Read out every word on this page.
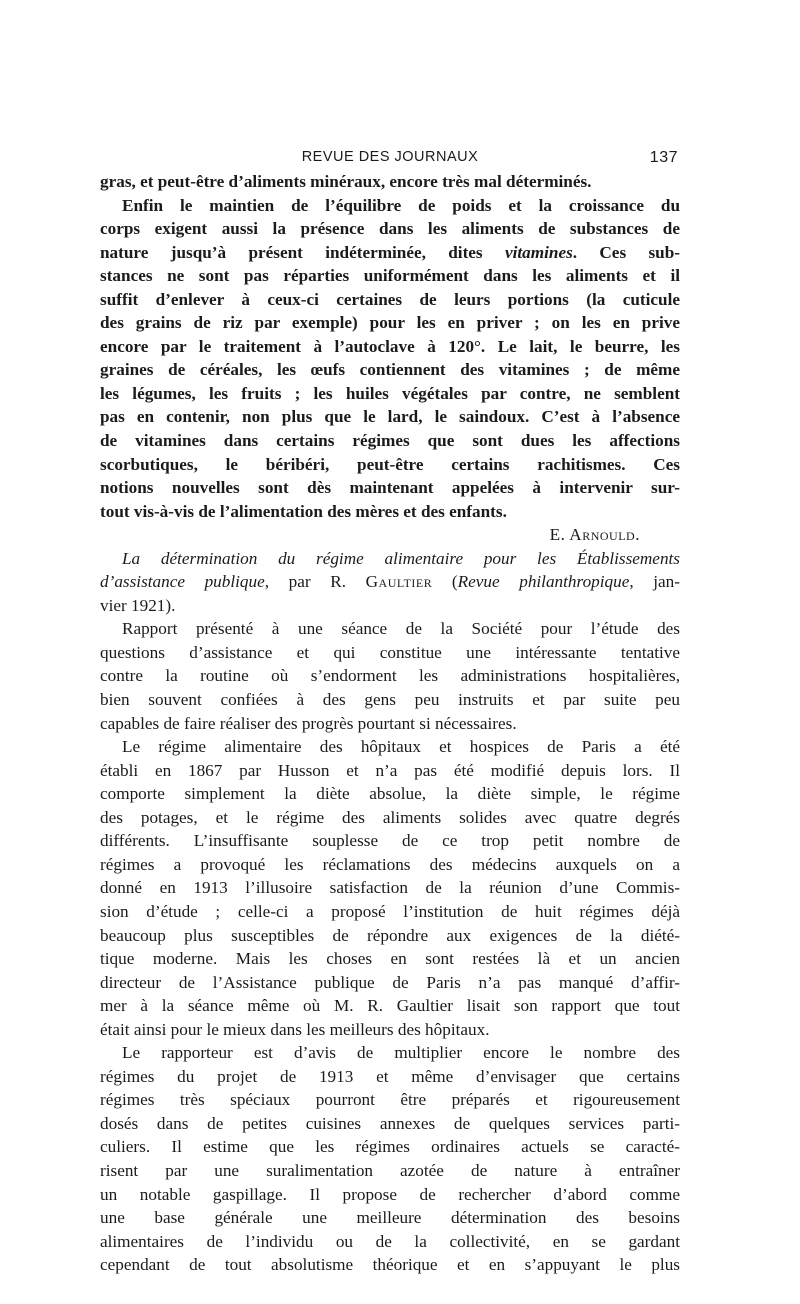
REVUE DES JOURNAUX	137

gras, et peut-être d’aliments minéraux, encore très mal déterminés.

Enfin le maintien de l’équilibre de poids et la croissance du
corps exigent aussi la présence dans les aliments de substances de
nature jusqu’à présent indéterminée, dites vitamines. Ces sub-
stances ne sont pas réparties uniformément dans les aliments et il
suffit d’enlever à ceux-ci certaines de leurs portions (la cuticule
des grains de riz par exemple) pour les en priver ; on les en prive
encore par le traitement à l’autoclave à 120°. Le lait, le beurre, les
graines de céréales, les œufs contiennent des vitamines ; de même
les légumes, les fruits ; les huiles végétales par contre, ne semblent
pas en contenir, non plus que le lard, le saindoux. C’est à l’absence
de vitamines dans certains régimes que sont dues les affections
scorbutiques, le béribéri, peut-être certains rachitismes. Ces
notions nouvelles sont dès maintenant appelées à intervenir sur-
tout vis-à-vis de l’alimentation des mères et des enfants.

E. Arnould.

La détermination du régime alimentaire pour les Établissements
d’assistance publique, par R. Gaultier (Revue philanthropique, jan-
vier 1921).

Rapport présenté à une séance de la Société pour l’étude des
questions d’assistance et qui constitue une intéressante tentative
contre la routine où s’endorment les administrations hospitalières,
bien souvent confiées à des gens peu instruits et par suite peu
capables de faire réaliser des progrès pourtant si nécessaires.

Le régime alimentaire des hôpitaux et hospices de Paris a été
établi en 1867 par Husson et n’a pas été modifié depuis lors. Il
comporte simplement la diète absolue, la diète simple, le régime
des potages, et le régime des aliments solides avec quatre degrés
différents. L’insuffisante souplesse de ce trop petit nombre de
régimes a provoqué les réclamations des médecins auxquels on a
donné en 1913 l’illusoire satisfaction de la réunion d’une Commis-
sion d’étude ; celle-ci a proposé l’institution de huit régimes déjà
beaucoup plus susceptibles de répondre aux exigences de la diété-
tique moderne. Mais les choses en sont restées là et un ancien
directeur de l’Assistance publique de Paris n’a pas manqué d’affir-
mer à la séance même où M. R. Gaultier lisait son rapport que tout
était ainsi pour le mieux dans les meilleurs des hôpitaux.

Le rapporteur est d’avis de multiplier encore le nombre des
régimes du projet de 1913 et même d’envisager que certains
régimes très spéciaux pourront être préparés et rigoureusement
dosés dans de petites cuisines annexes de quelques services parti-
culiers. Il estime que les régimes ordinaires actuels se caracté-
risent par une suralimentation azotée de nature à entraîner
un notable gaspillage. Il propose de rechercher d’abord comme
une base générale une meilleure détermination des besoins
alimentaires de l’individu ou de la collectivité, en se gardant
cependant de tout absolutisme théorique et en s’appuyant le plus
